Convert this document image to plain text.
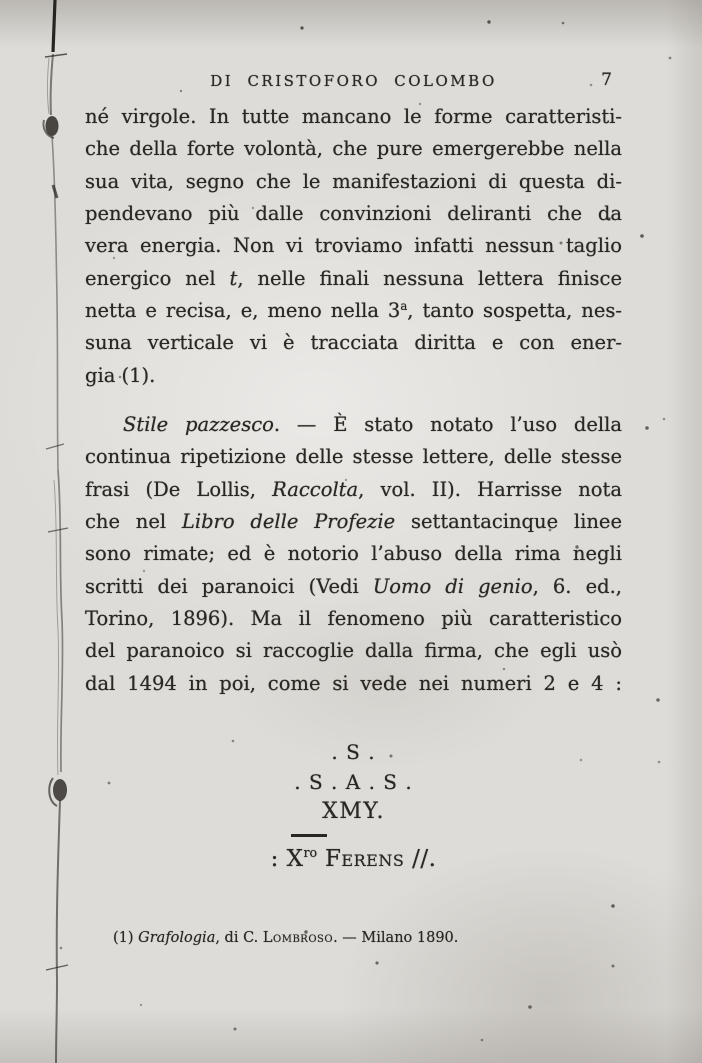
DI CRISTOFORO COLOMBO	7
né virgole. In tutte mancano le forme caratteristi-
che della forte volontà, che pure emergerebbe nella
sua vita, segno che le manifestazioni di questa di-
pendevano più dalle convinzioni deliranti che da
vera energia. Non vi troviamo infatti nessun taglio
energico nel t, nelle finali nessuna lettera finisce
netta e recisa, e, meno nella 3$^a$, tanto sospetta, nes-
suna verticale vi è tracciata diritta e con ener-
gia (1).
Stile pazzesco. — È stato notato l’uso della
continua ripetizione delle stesse lettere, delle stesse
frasi (De Lollis, Raccolta, vol. II). Harrisse nota
che nel Libro delle Profezie settantacinque linee
sono rimate; ed è notorio l’abuso della rima negli
scritti dei paranoici (Vedi Uomo di genio, 6. ed.,
Torino, 1896). Ma il fenomeno più caratteristico
del paranoico si raccoglie dalla firma, che egli usò
dal 1494 in poi, come si vede nei numeri 2 e 4 :
. S .
. S . A . S .
XMY.
: $X^{ro}$ Ferens //.
(1) Grafologia, di C. Lombroso. — Milano 1890.
